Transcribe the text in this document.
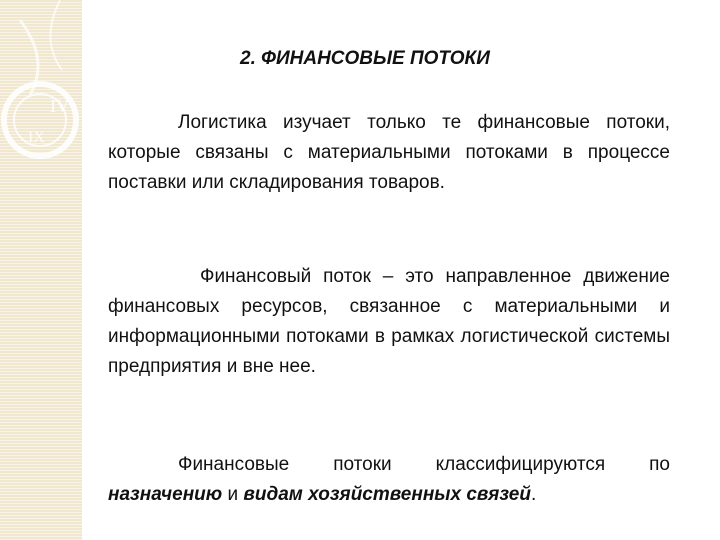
IV
IX
2. ФИНАНСОВЫЕ ПОТОКИ

Логистика изучает только те финансовые потоки, которые связаны с материальными потоками в процессе поставки или складирования товаров.

Финансовый поток – это направленное движение финансовых ресурсов, связанное с материальными и информационными потоками в рамках логистической системы предприятия и вне нее.

Финансовые потоки классифицируются по назначению и видам хозяйственных связей.
